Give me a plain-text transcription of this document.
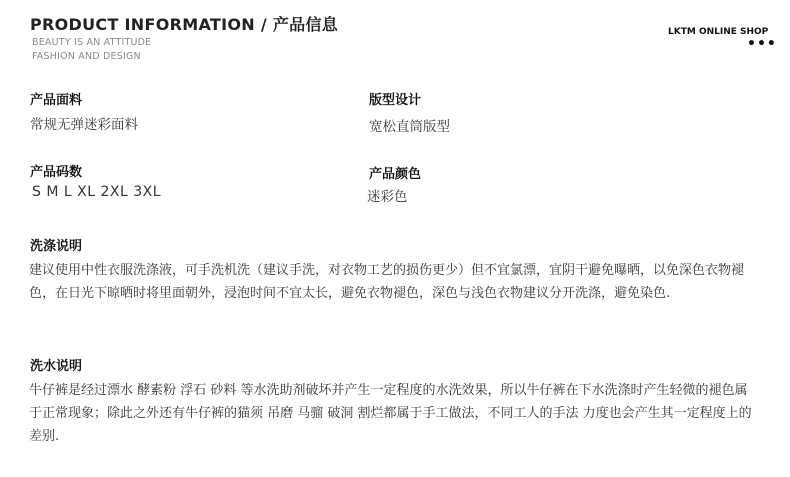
PRODUCT INFORMATION / 产品信息
BEAUTY IS AN ATTITUDE
FASHION AND DESIGN
LKTM ONLINE SHOP
•••
产品面料
常规无弹迷彩面料
版型设计
宽松直筒版型
产品码数
S M L XL 2XL 3XL
产品颜色
迷彩色
洗涤说明
建议使用中性衣服洗涤液，可手洗机洗（建议手洗，对衣物工艺的损伤更少）但不宜氯漂，宜阴干避免曝晒，以免深色衣物褪色，在日光下晾晒时将里面朝外，浸泡时间不宜太长，避免衣物褪色，深色与浅色衣物建议分开洗涤，避免染色.
洗水说明
牛仔裤是经过漂水 酵素粉 浮石 砂料 等水洗助剂破坏并产生一定程度的水洗效果，所以牛仔裤在下水洗涤时产生轻微的褪色属于正常现象；除此之外还有牛仔裤的猫须 吊磨 马骝 破洞 割烂都属于手工做法，不同工人的手法 力度也会产生其一定程度上的差别.
